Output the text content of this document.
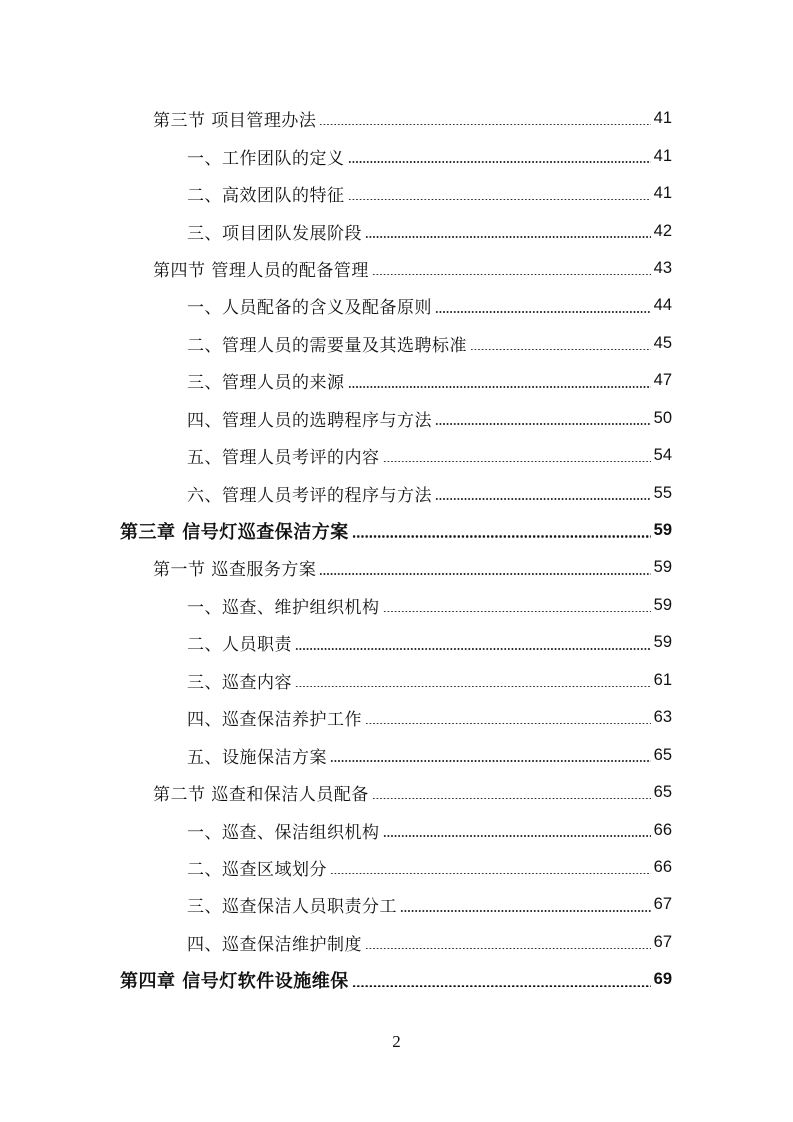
第三节 项目管理办法	41
一、工作团队的定义	41
二、高效团队的特征	41
三、项目团队发展阶段	42
第四节 管理人员的配备管理	43
一、人员配备的含义及配备原则	44
二、管理人员的需要量及其选聘标准	45
三、管理人员的来源	47
四、管理人员的选聘程序与方法	50
五、管理人员考评的内容	54
六、管理人员考评的程序与方法	55
第三章 信号灯巡查保洁方案	59
第一节 巡查服务方案	59
一、巡查、维护组织机构	59
二、人员职责	59
三、巡查内容	61
四、巡查保洁养护工作	63
五、设施保洁方案	65
第二节 巡查和保洁人员配备	65
一、巡查、保洁组织机构	66
二、巡查区域划分	66
三、巡查保洁人员职责分工	67
四、巡查保洁维护制度	67
第四章 信号灯软件设施维保	69
2
